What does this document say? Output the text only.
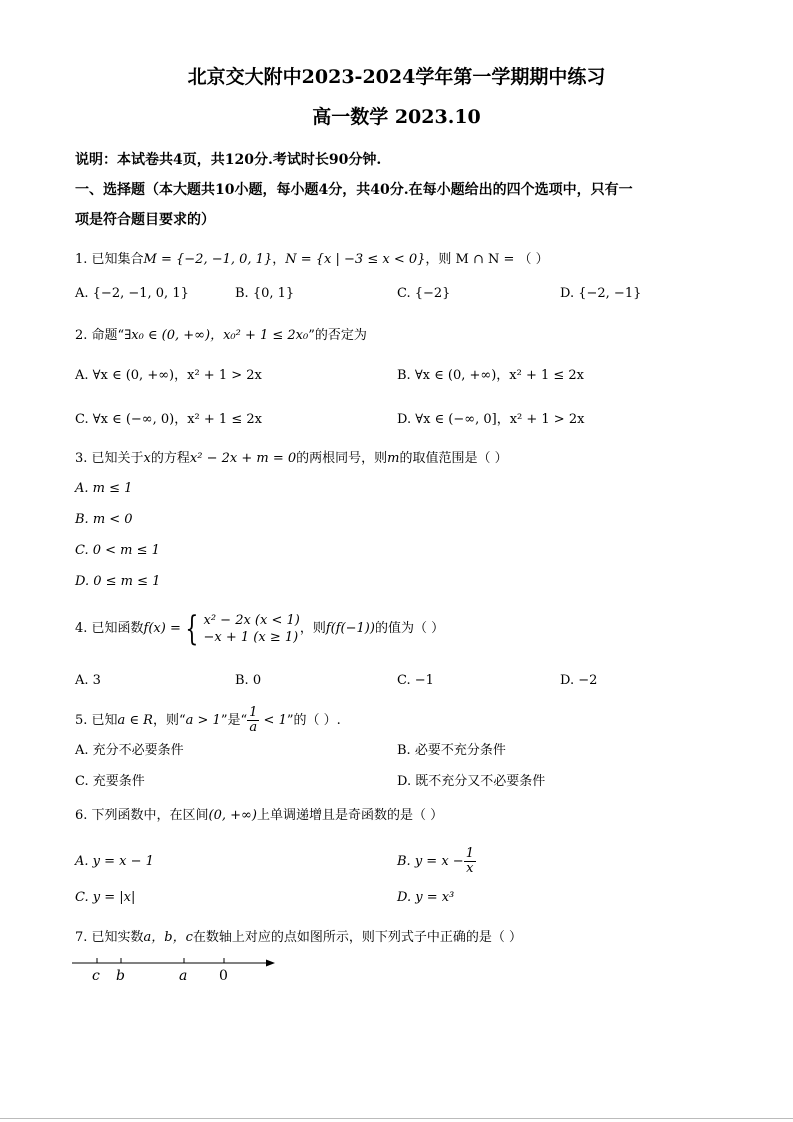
北京交大附中2023-2024学年第一学期期中练习
高一数学 2023.10
说明：本试卷共4页，共120分.考试时长90分钟.
一、选择题（本大题共10小题，每小题4分，共40分.在每小题给出的四个选项中，只有一
项是符合题目要求的）
1. 已知集合M = {−2, −1, 0, 1}，N = {x | −3 ≤ x < 0}，则 M ∩ N = （ ）
A. {−2, −1, 0, 1}	B. {0, 1}	C. {−2}	D. {−2, −1}
2. 命题“∃x₀ ∈ (0, +∞)，x₀² + 1 ≤ 2x₀”的否定为
A. ∀x ∈ (0, +∞)，x² + 1 > 2x	B. ∀x ∈ (0, +∞)，x² + 1 ≤ 2x
C. ∀x ∈ (−∞, 0)，x² + 1 ≤ 2x	D. ∀x ∈ (−∞, 0]，x² + 1 > 2x
3. 已知关于x的方程x² − 2x + m = 0的两根同号，则m的取值范围是（ ）
A. m ≤ 1
B. m < 0
C. 0 < m ≤ 1
D. 0 ≤ m ≤ 1
4. 已知函数f(x) = { x² − 2x (x < 1)
−x + 1 (x ≥ 1)
，则f(f(−1))的值为（ ）
A. 3	B. 0	C. −1	D. −2
5. 已知a ∈ R，则“a > 1”是“ $\frac{1}{a} < 1$”的（ ）.
A. 充分不必要条件	B. 必要不充分条件
C. 充要条件	D. 既不充分又不必要条件
6. 下列函数中，在区间(0, +∞)上单调递增且是奇函数的是（ ）
A. y = x − 1	B. $y = x - \frac{1}{x}$
C. y = |x|	D. y = x³
7. 已知实数a，b，c在数轴上对应的点如图所示，则下列式子中正确的是（ ）
c b	a 0
